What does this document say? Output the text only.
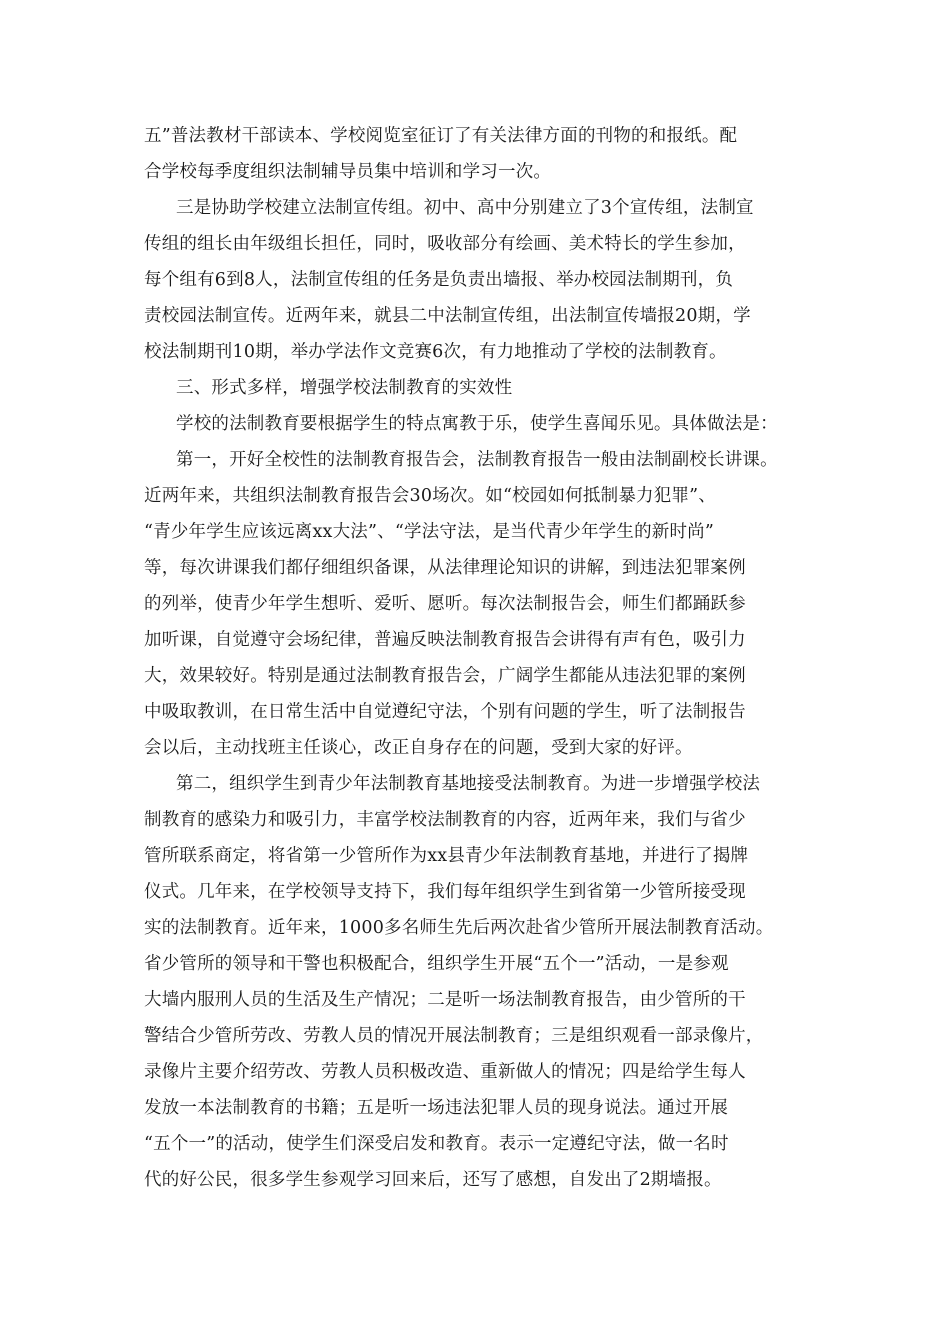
五”普法教材干部读本、学校阅览室征订了有关法律方面的刊物的和报纸。配
合学校每季度组织法制辅导员集中培训和学习一次。
三是协助学校建立法制宣传组。初中、高中分别建立了3个宣传组，法制宣
传组的组长由年级组长担任，同时，吸收部分有绘画、美术特长的学生参加，
每个组有6到8人，法制宣传组的任务是负责出墙报、举办校园法制期刊，负
责校园法制宣传。近两年来，就县二中法制宣传组，出法制宣传墙报20期，学
校法制期刊10期，举办学法作文竞赛6次，有力地推动了学校的法制教育。
三、形式多样，增强学校法制教育的实效性
学校的法制教育要根据学生的特点寓教于乐，使学生喜闻乐见。具体做法是：
第一，开好全校性的法制教育报告会，法制教育报告一般由法制副校长讲课。
近两年来，共组织法制教育报告会30场次。如“校园如何抵制暴力犯罪”、
“青少年学生应该远离xx大法”、“学法守法，是当代青少年学生的新时尚”
等，每次讲课我们都仔细组织备课，从法律理论知识的讲解，到违法犯罪案例
的列举，使青少年学生想听、爱听、愿听。每次法制报告会，师生们都踊跃参
加听课，自觉遵守会场纪律，普遍反映法制教育报告会讲得有声有色，吸引力
大，效果较好。特别是通过法制教育报告会，广阔学生都能从违法犯罪的案例
中吸取教训，在日常生活中自觉遵纪守法，个别有问题的学生，听了法制报告
会以后，主动找班主任谈心，改正自身存在的问题，受到大家的好评。
第二，组织学生到青少年法制教育基地接受法制教育。为进一步增强学校法
制教育的感染力和吸引力，丰富学校法制教育的内容，近两年来，我们与省少
管所联系商定，将省第一少管所作为xx县青少年法制教育基地，并进行了揭牌
仪式。几年来，在学校领导支持下，我们每年组织学生到省第一少管所接受现
实的法制教育。近年来，1000多名师生先后两次赴省少管所开展法制教育活动。
省少管所的领导和干警也积极配合，组织学生开展“五个一”活动，一是参观
大墙内服刑人员的生活及生产情况；二是听一场法制教育报告，由少管所的干
警结合少管所劳改、劳教人员的情况开展法制教育；三是组织观看一部录像片，
录像片主要介绍劳改、劳教人员积极改造、重新做人的情况；四是给学生每人
发放一本法制教育的书籍；五是听一场违法犯罪人员的现身说法。通过开展
“五个一”的活动，使学生们深受启发和教育。表示一定遵纪守法，做一名时
代的好公民，很多学生参观学习回来后，还写了感想，自发出了2期墙报。
